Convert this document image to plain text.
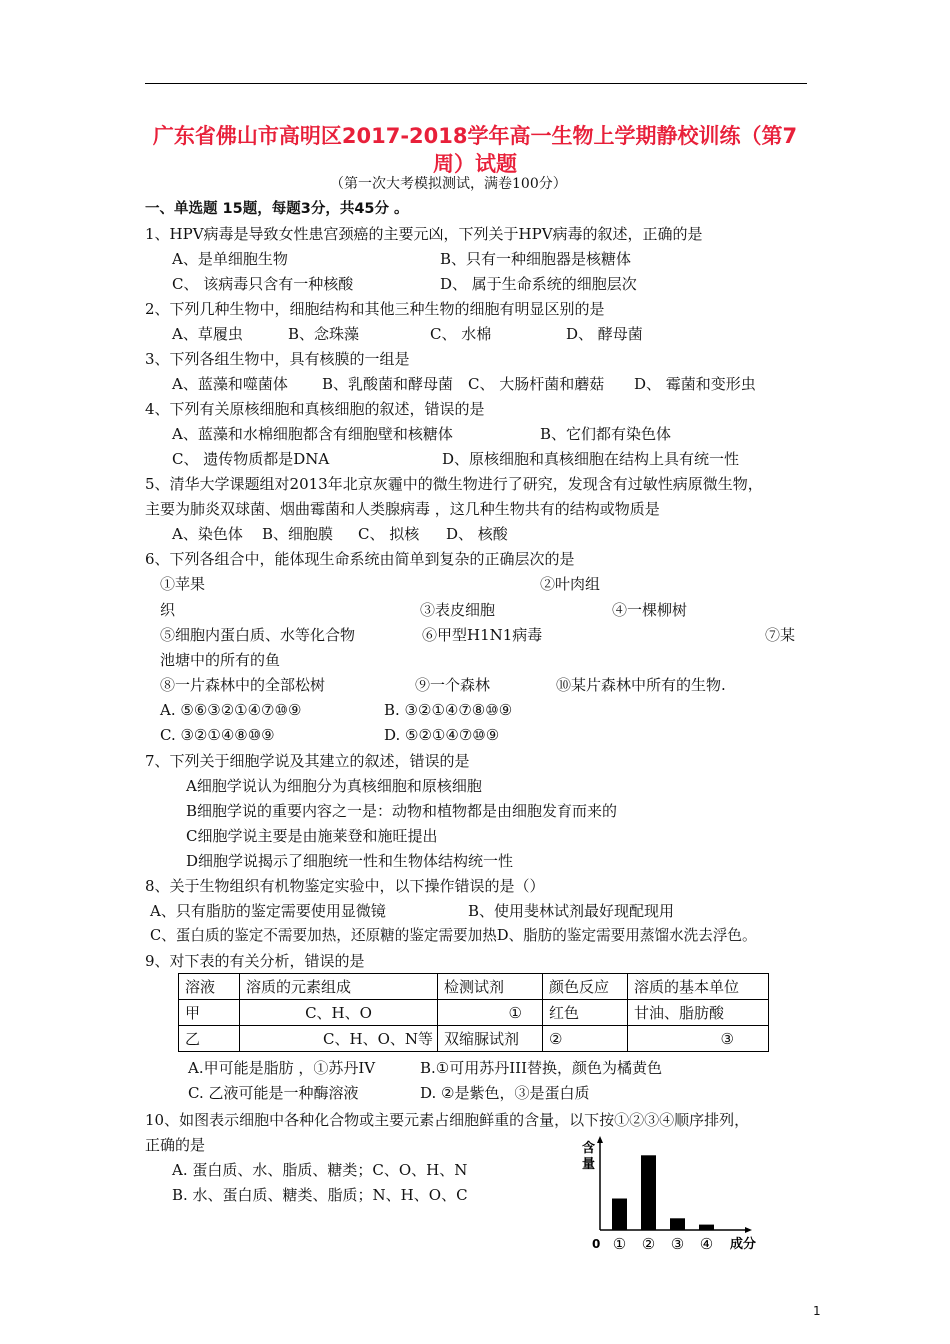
广东省佛山市高明区2017-2018学年高一生物上学期静校训练（第7
周）试题
（第一次大考模拟测试，满卷100分）
一、单选题 15题，每题3分，共45分 。
1、HPV病毒是导致女性患宫颈癌的主要元凶，下列关于HPV病毒的叙述，正确的是
A、是单细胞生物	B、只有一种细胞器是核糖体
C、 该病毒只含有一种核酸	D、 属于生命系统的细胞层次
2、下列几种生物中，细胞结构和其他三种生物的细胞有明显区别的是
A、草履虫	B、念珠藻	C、 水棉	D、 酵母菌
3、下列各组生物中，具有核膜的一组是
A、蓝藻和噬菌体 B、乳酸菌和酵母菌 C、 大肠杆菌和蘑菇 D、 霉菌和变形虫
4、下列有关原核细胞和真核细胞的叙述，错误的是
A、蓝藻和水棉细胞都含有细胞壁和核糖体	B、它们都有染色体
C、 遗传物质都是DNA	D、原核细胞和真核细胞在结构上具有统一性
5、清华大学课题组对2013年北京灰霾中的微生物进行了研究，发现含有过敏性病原微生物，
主要为肺炎双球菌、烟曲霉菌和人类腺病毒 ，这几种生物共有的结构或物质是
A、染色体 B、细胞膜 C、 拟核 D、 核酸
6、下列各组合中，能体现生命系统由简单到复杂的正确层次的是
①苹果	②叶肉组
织	③表皮细胞	④一棵柳树
⑤细胞内蛋白质、水等化合物	⑥甲型H1N1病毒	⑦某
池塘中的所有的鱼
⑧一片森林中的全部松树	⑨一个森林	⑩某片森林中所有的生物.
A. ⑤⑥③②①④⑦⑩⑨	B. ③②①④⑦⑧⑩⑨
C. ③②①④⑧⑩⑨	D. ⑤②①④⑦⑩⑨
7、下列关于细胞学说及其建立的叙述，错误的是
A细胞学说认为细胞分为真核细胞和原核细胞
B细胞学说的重要内容之一是：动物和植物都是由细胞发育而来的
C细胞学说主要是由施莱登和施旺提出
D细胞学说揭示了细胞统一性和生物体结构统一性
8、关于生物组织有机物鉴定实验中，以下操作错误的是（）
A、只有脂肪的鉴定需要使用显微镜	B、使用斐林试剂最好现配现用
C、蛋白质的鉴定不需要加热，还原糖的鉴定需要加热D、脂肪的鉴定需要用蒸馏水洗去浮色。
9、对下表的有关分析，错误的是
溶液	溶质的元素组成	检测试剂	颜色反应	溶质的基本单位
甲	C、H、O	①	红色	甘油、脂肪酸
乙	C、H、O、N等	双缩脲试剂	②	③
A.甲可能是脂肪 ，①苏丹IV	B.①可用苏丹III替换，颜色为橘黄色
C. 乙液可能是一种酶溶液	D. ②是紫色，③是蛋白质
10、如图表示细胞中各种化合物或主要元素占细胞鲜重的含量，以下按①②③④顺序排列，
正确的是
A. 蛋白质、水、脂质、糖类；C、O、H、N
B. 水、蛋白质、糖类、脂质；N、H、O、C
含
量
0	成分
① ② ③ ④
1
